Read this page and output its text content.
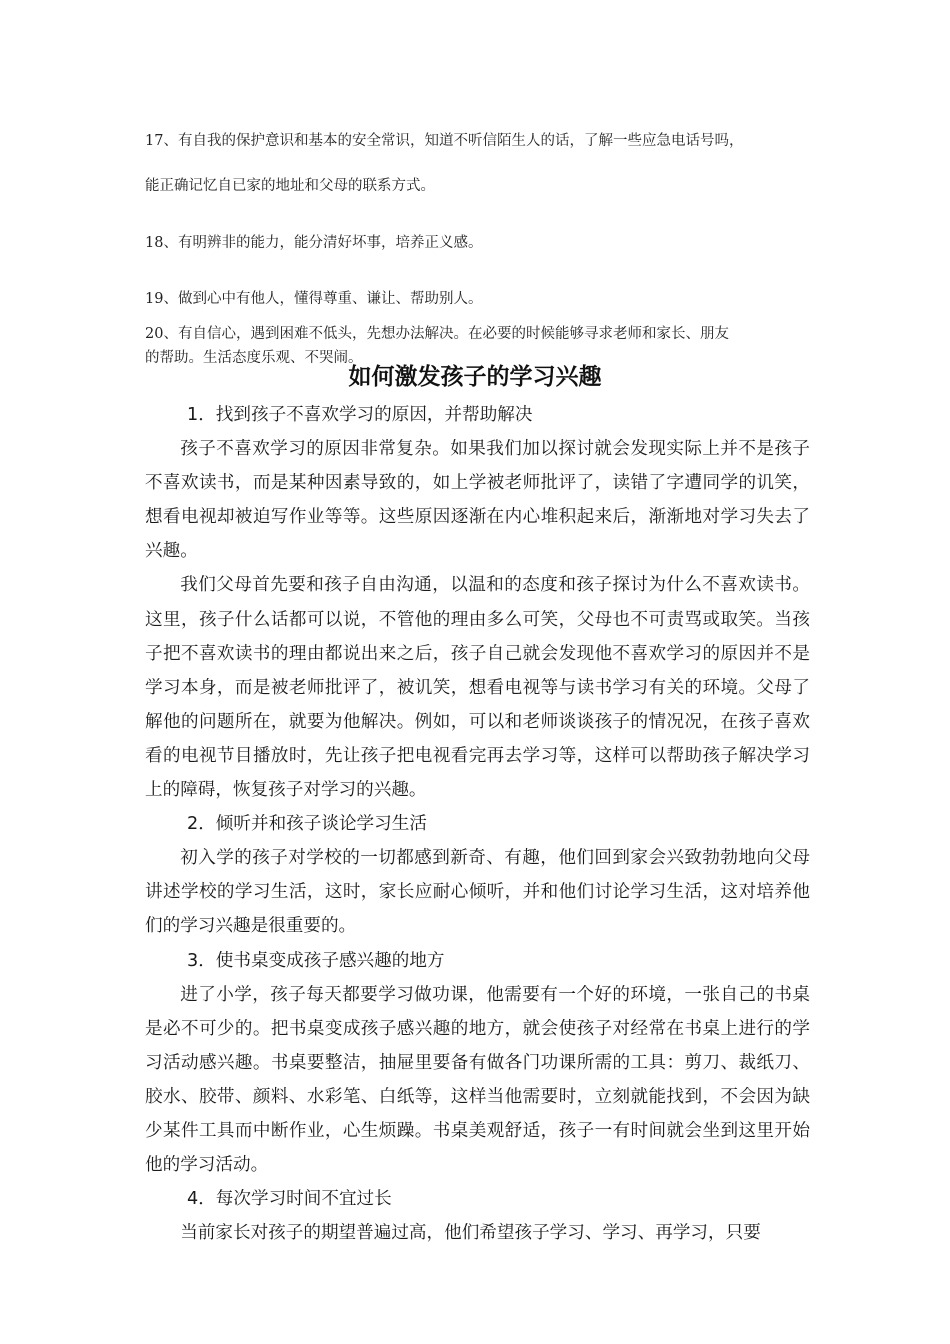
17、有自我的保护意识和基本的安全常识，知道不听信陌生人的话，了解一些应急电话号吗，
能正确记忆自已家的地址和父母的联系方式。
18、有明辨非的能力，能分清好坏事，培养正义感。
19、做到心中有他人，懂得尊重、谦让、帮助别人。
20、有自信心，遇到困难不低头，先想办法解决。在必要的时候能够寻求老师和家长、朋友
的帮助。生活态度乐观、不哭闹。
如何激发孩子的学习兴趣

1．找到孩子不喜欢学习的原因，并帮助解决

孩子不喜欢学习的原因非常复杂。如果我们加以探讨就会发现实际上并不是孩子不喜欢读书，而是某种因素导致的，如上学被老师批评了，读错了字遭同学的讥笑，想看电视却被迫写作业等等。这些原因逐渐在内心堆积起来后，渐渐地对学习失去了兴趣。

我们父母首先要和孩子自由沟通，以温和的态度和孩子探讨为什么不喜欢读书。这里，孩子什么话都可以说，不管他的理由多么可笑，父母也不可责骂或取笑。当孩子把不喜欢读书的理由都说出来之后，孩子自己就会发现他不喜欢学习的原因并不是学习本身，而是被老师批评了，被讥笑，想看电视等与读书学习有关的环境。父母了解他的问题所在，就要为他解决。例如，可以和老师谈谈孩子的情况况，在孩子喜欢看的电视节目播放时，先让孩子把电视看完再去学习等，这样可以帮助孩子解决学习上的障碍，恢复孩子对学习的兴趣。

2．倾听并和孩子谈论学习生活

初入学的孩子对学校的一切都感到新奇、有趣，他们回到家会兴致勃勃地向父母讲述学校的学习生活，这时，家长应耐心倾听，并和他们讨论学习生活，这对培养他们的学习兴趣是很重要的。

3．使书桌变成孩子感兴趣的地方

进了小学，孩子每天都要学习做功课，他需要有一个好的环境，一张自己的书桌是必不可少的。把书桌变成孩子感兴趣的地方，就会使孩子对经常在书桌上进行的学习活动感兴趣。书桌要整洁，抽屉里要备有做各门功课所需的工具：剪刀、裁纸刀、胶水、胶带、颜料、水彩笔、白纸等，这样当他需要时，立刻就能找到，不会因为缺少某件工具而中断作业，心生烦躁。书桌美观舒适，孩子一有时间就会坐到这里开始他的学习活动。

4．每次学习时间不宜过长

当前家长对孩子的期望普遍过高，他们希望孩子学习、学习、再学习，只要
